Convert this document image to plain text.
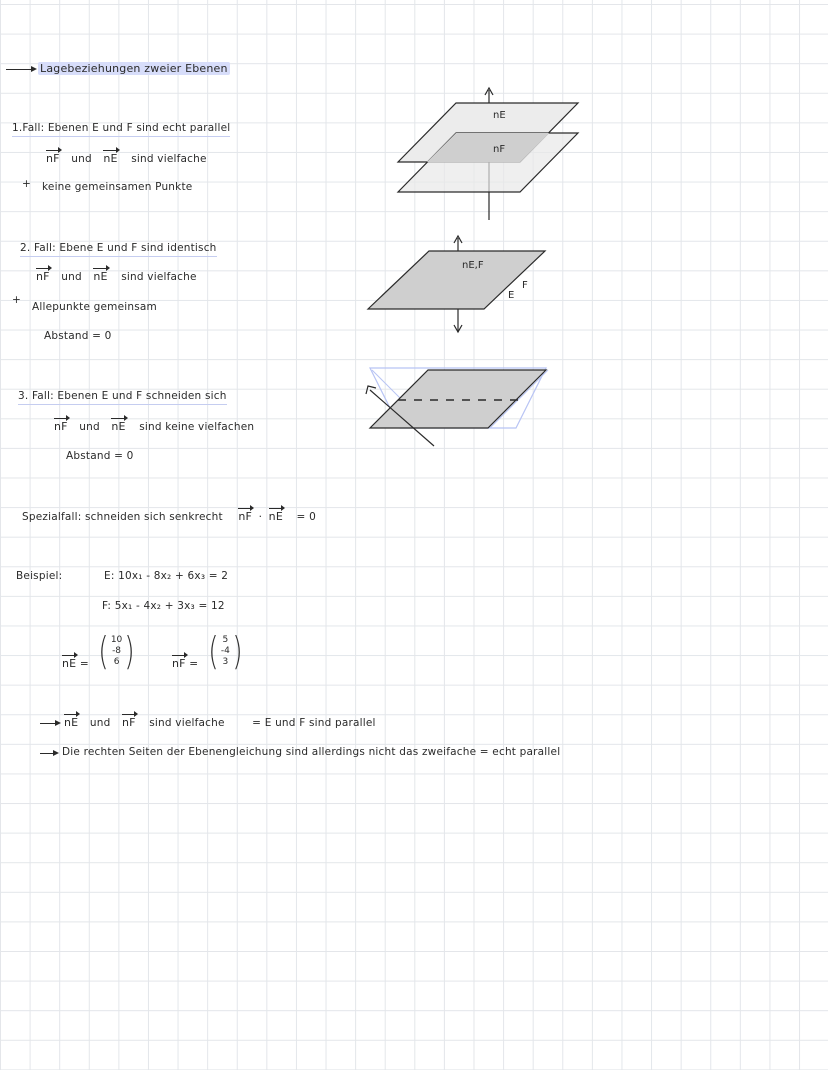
Lagebeziehungen zweier Ebenen
1.Fall: Ebenen E und F sind echt parallel
nF und nE sind vielfache
+ keine gemeinsamen Punkte
2. Fall: Ebene E und F sind identisch
nF und nE sind vielfache
+
Allepunkte gemeinsam
Abstand = 0
3. Fall: Ebenen E und F schneiden sich
nF und nE sind keine vielfachen
Abstand = 0
Spezialfall: schneiden sich senkrecht nF · nE = 0
Beispiel:	E: 10x₁ - 8x₂ + 6x₃ = 2
F: 5x₁ - 4x₂ + 3x₃ = 12
nE = ( 10
-8
6 )	nF = ( 5
-4
3 )
nE und nF sind vielfache	= E und F sind parallel
Die rechten Seiten der Ebenengleichung sind allerdings nicht das zweifache = echt parallel
nE
nF
nE,F
E
F
